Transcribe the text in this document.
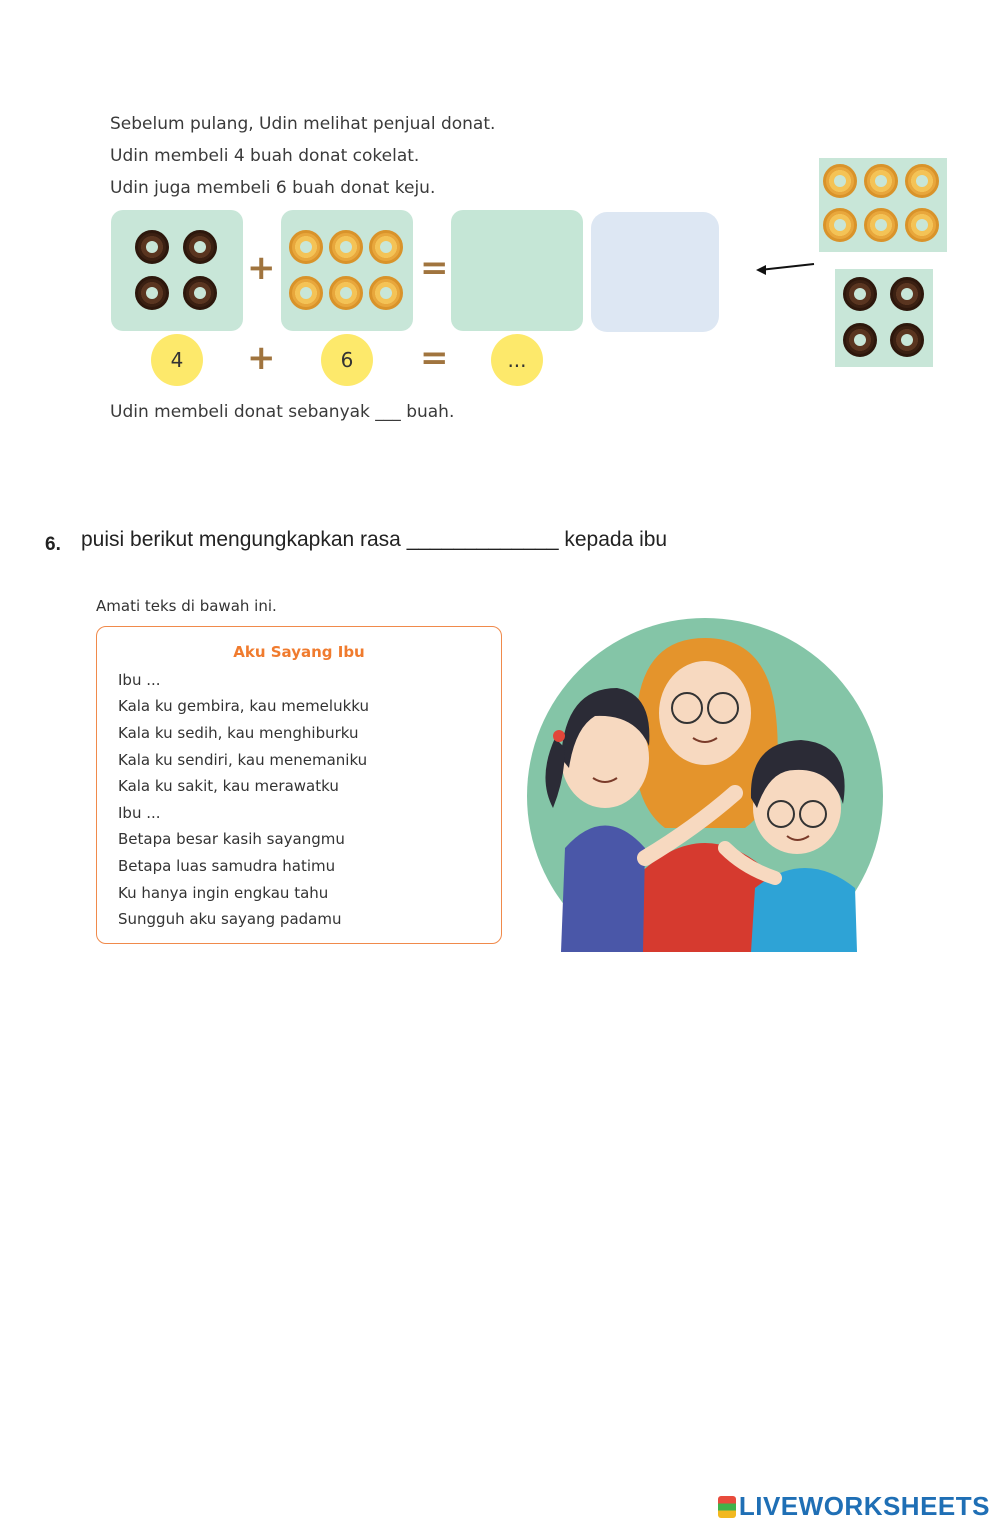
Sebelum pulang, Udin melihat penjual donat.
Udin membeli 4 buah donat cokelat.
Udin juga membeli 6 buah donat keju.
+	=
4	+	6	=	...
Udin membeli donat sebanyak ___ buah.
6. puisi berikut mengungkapkan rasa _____________ kepada ibu
Amati teks di bawah ini.
Aku Sayang Ibu
Ibu ...
Kala ku gembira, kau memelukku
Kala ku sedih, kau menghiburku
Kala ku sendiri, kau menemaniku
Kala ku sakit, kau merawatku
Ibu ...
Betapa besar kasih sayangmu
Betapa luas samudra hatimu
Ku hanya ingin engkau tahu
Sungguh aku sayang padamu
LIVEWORKSHEETS
